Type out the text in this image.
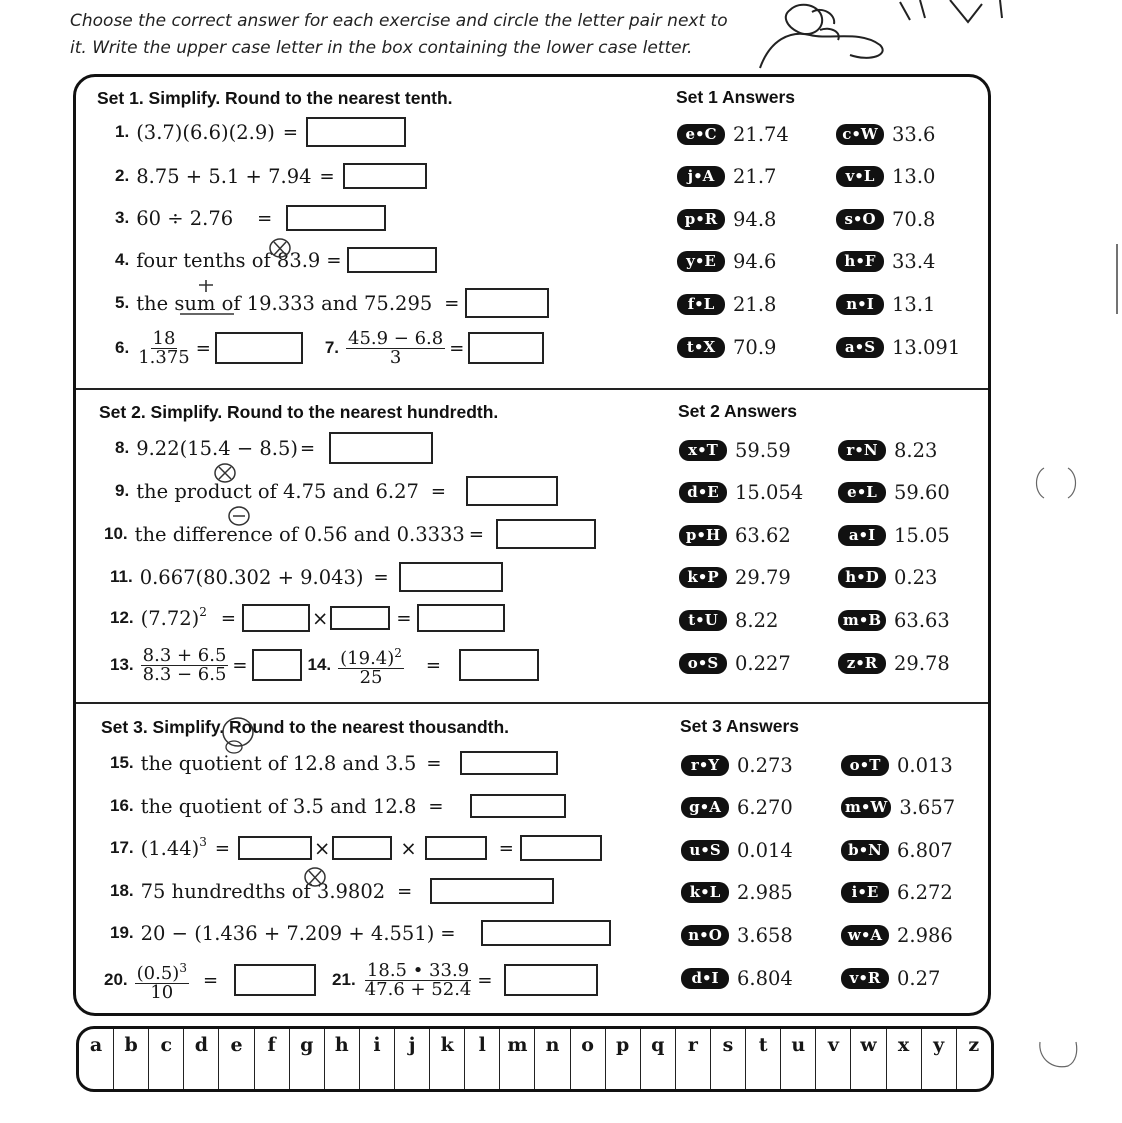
Choose the correct answer for each exercise and circle the letter pair next to
it. Write the upper case letter in the box containing the lower case letter.
Set 1. Simplify. Round to the nearest tenth.	Set 1 Answers
1. (3.7)(6.6)(2.9) =
2. 8.75 + 5.1 + 7.94 =
3. 60 ÷ 2.76 =
4. four tenths of 83.9 =
5. the sum of 19.333 and 75.295 =
6. $\frac{18}{1.375}$ =	7. $\frac{45.9 - 6.8}{3}$ =
e•C 21.74	c•W 33.6
j•A 21.7	v•L 13.0
p•R 94.8	s•O 70.8
y•E 94.6	h•F 33.4
f•L 21.8	n•I 13.1
t•X 70.9	a•S 13.091
Set 2. Simplify. Round to the nearest hundredth.	Set 2 Answers
8. 9.22(15.4 − 8.5) =
9. the product of 4.75 and 6.27 =
10. the difference of 0.56 and 0.3333 =
11. 0.667(80.302 + 9.043) =
12. $(7.72)^2$ =	×	=
13. $\frac{8.3 + 6.5}{8.3 - 6.5}$ =	14. $\frac{(19.4)^2}{25}$ =
x•T 59.59	r•N 8.23
d•E 15.054	e•L 59.60
p•H 63.62	a•I 15.05
k•P 29.79	h•D 0.23
t•U 8.22	m•B 63.63
o•S 0.227	z•R 29.78
Set 3. Simplify. Round to the nearest thousandth.	Set 3 Answers
15. the quotient of 12.8 and 3.5 =
16. the quotient of 3.5 and 12.8 =
17. $(1.44)^3$ =	×	×	=
18. 75 hundredths of 3.9802 =
19. 20 − (1.436 + 7.209 + 4.551) =
20. $\frac{(0.5)^3}{10}$ =	21. $\frac{18.5 • 33.9}{47.6 + 52.4}$ =
r•Y 0.273	o•T 0.013
g•A 6.270	m•W 3.657
u•S 0.014	b•N 6.807
k•L 2.985	i•E 6.272
n•O 3.658	w•A 2.986
d•I 6.804	v•R 0.27
a	b	c	d	e	f	g	h	i	j	k	l	m n	o	p	q	r	s	t	u	v	w	x	y	z
